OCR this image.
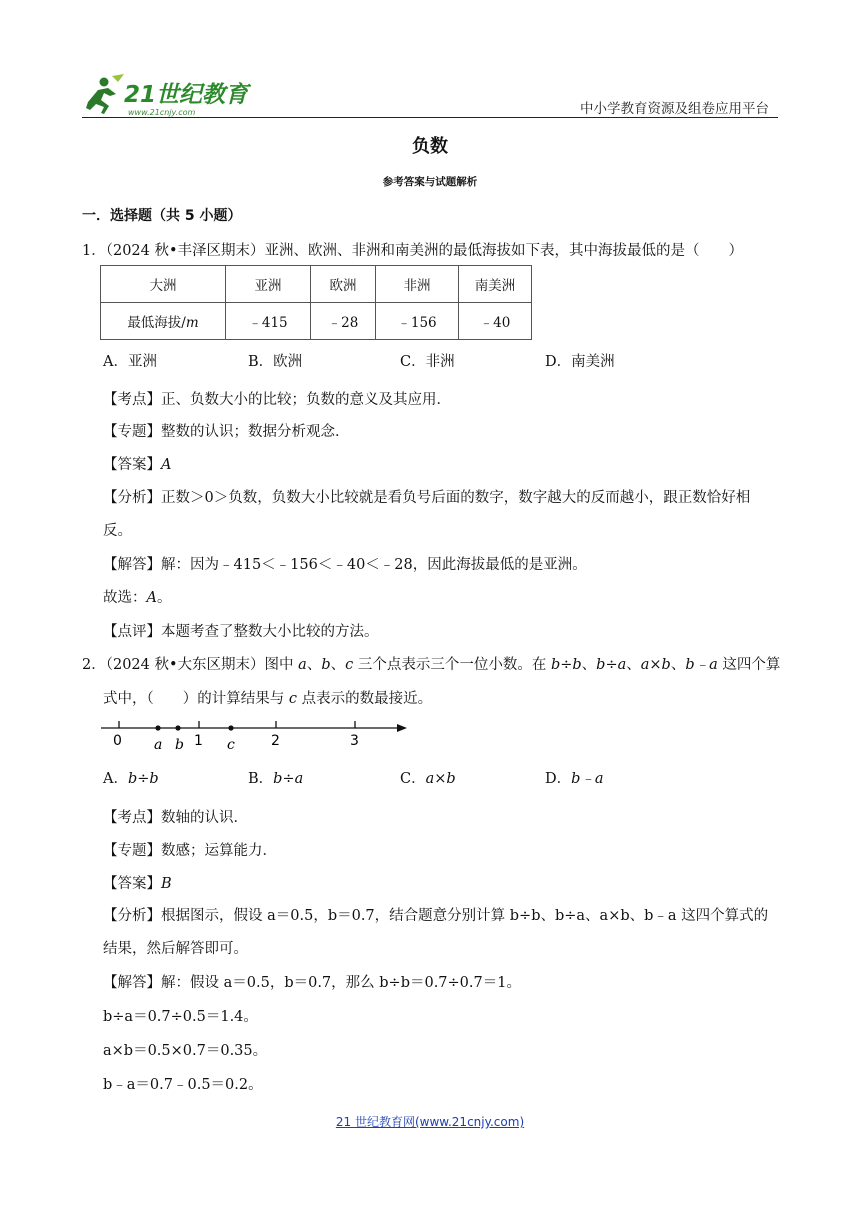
21世纪教育
www.21cnjy.com	中小学教育资源及组卷应用平台
负数
参考答案与试题解析
一．选择题（共 5 小题）
1．（2024 秋•丰泽区期末）亚洲、欧洲、非洲和南美洲的最低海拔如下表，其中海拔最低的是（　　）
大洲	亚洲	欧洲	非洲	南美洲
最低海拔/m	﹣415	﹣28	﹣156	﹣40
A．亚洲	B．欧洲	C．非洲	D．南美洲
【考点】正、负数大小的比较；负数的意义及其应用．
【专题】整数的认识；数据分析观念．
【答案】A
【分析】正数＞0＞负数，负数大小比较就是看负号后面的数字，数字越大的反而越小，跟正数恰好相
反。
【解答】解：因为﹣415＜﹣156＜﹣40＜﹣28，因此海拔最低的是亚洲。
故选：A。
【点评】本题考查了整数大小比较的方法。
2．（2024 秋•大东区期末）图中 a、b、c 三个点表示三个一位小数。在 b÷b、b÷a、a×b、b﹣a 这四个算
式中，（　　）的计算结果与 c 点表示的数最接近。
0	1	2	3
a b	c
A．b÷b	B．b÷a	C．a×b	D．b﹣a
【考点】数轴的认识．
【专题】数感；运算能力．
【答案】B
【分析】根据图示，假设 a＝0.5，b＝0.7，结合题意分别计算 b÷b、b÷a、a×b、b﹣a 这四个算式的
结果，然后解答即可。
【解答】解：假设 a＝0.5，b＝0.7，那么 b÷b＝0.7÷0.7＝1。
b÷a＝0.7÷0.5＝1.4。
a×b＝0.5×0.7＝0.35。
b﹣a＝0.7﹣0.5＝0.2。
21 世纪教育网(www.21cnjy.com)
